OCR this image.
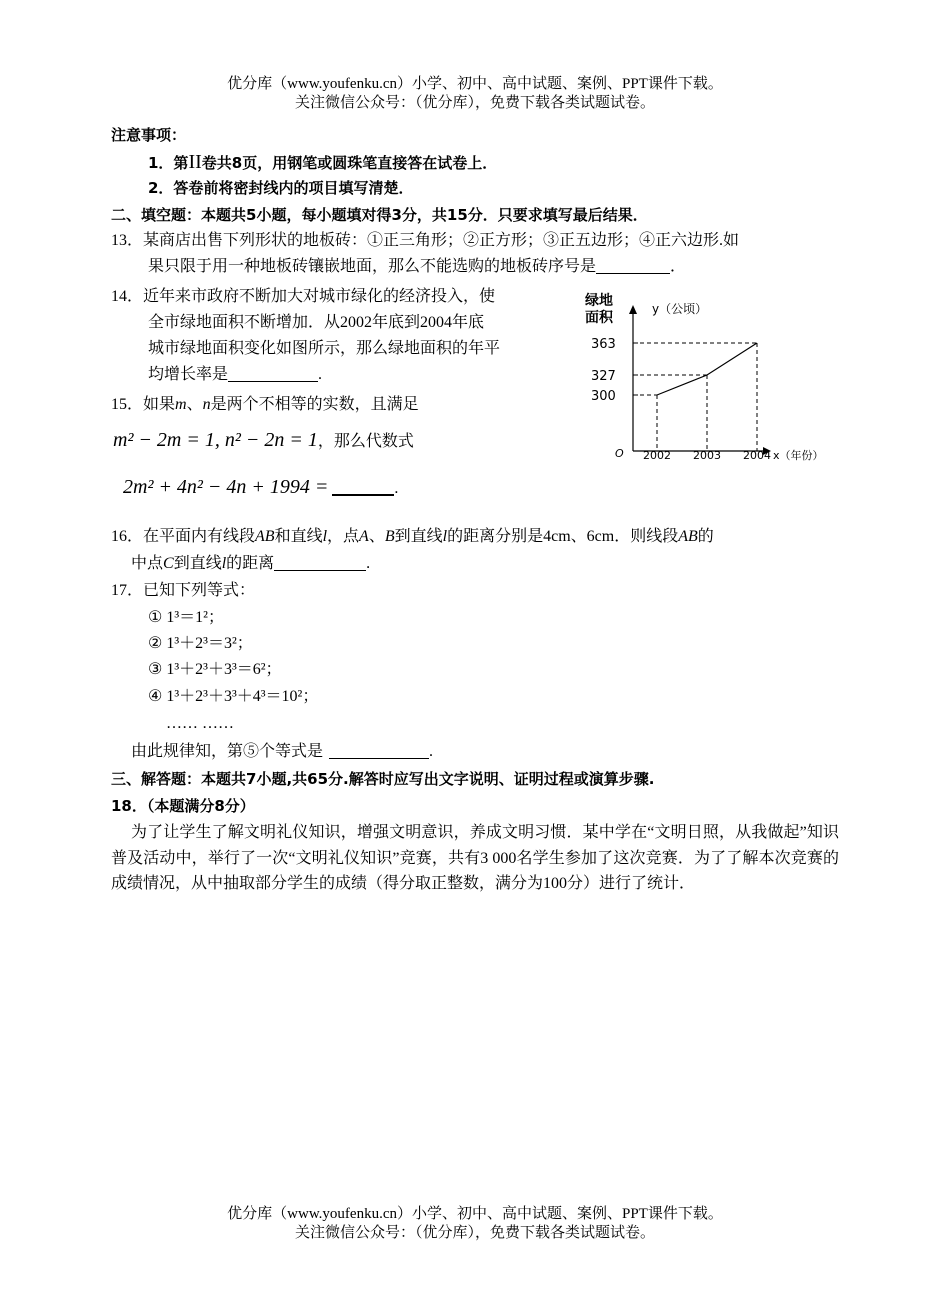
优分库（www.youfenku.cn）小学、初中、高中试题、案例、PPT课件下载。
关注微信公众号：（优分库），免费下载各类试题试卷。
注意事项：
1．第II卷共8页，用钢笔或圆珠笔直接答在试卷上．
2．答卷前将密封线内的项目填写清楚．
二、填空题：本题共5小题，每小题填对得3分，共15分．只要求填写最后结果．
13．某商店出售下列形状的地板砖：①正三角形；②正方形；③正五边形；④正六边形.如
果只限于用一种地板砖镶嵌地面，那么不能选购的地板砖序号是	．
14．近年来市政府不断加大对城市绿化的经济投入，使
全市绿地面积不断增加．从2002年底到2004年底
城市绿地面积变化如图所示，那么绿地面积的年平
均增长率是	.
绿地
面积
y（公顷）
O	x（年份）
300
327
363
2002 2003 2004
15．如果m、n是两个不相等的实数，且满足
m² − 2m = 1, n² − 2n = 1，那么代数式
2m² + 4n² − 4n + 1994 =	.
16．在平面内有线段AB和直线l，点A、B到直线l的距离分别是4cm、6cm．则线段AB的
中点C到直线l的距离	.
17．已知下列等式：
① 1³＝1²；
② 1³＋2³＝3²；
③ 1³＋2³＋3³＝6²；
④ 1³＋2³＋3³＋4³＝10²；
…… ……
由此规律知，第⑤个等式是	.
三、解答题：本题共7小题,共65分.解答时应写出文字说明、证明过程或演算步骤.
18．（本题满分8分）
为了让学生了解文明礼仪知识，增强文明意识，养成文明习惯．某中学在“文明日照，从我做起”知识普及活动中，举行了一次“文明礼仪知识”竞赛，共有3 000名学生参加了这次竞赛．为了了解本次竞赛的成绩情况，从中抽取部分学生的成绩（得分取正整数，满分为100分）进行了统计．
优分库（www.youfenku.cn）小学、初中、高中试题、案例、PPT课件下载。
关注微信公众号：（优分库），免费下载各类试题试卷。
